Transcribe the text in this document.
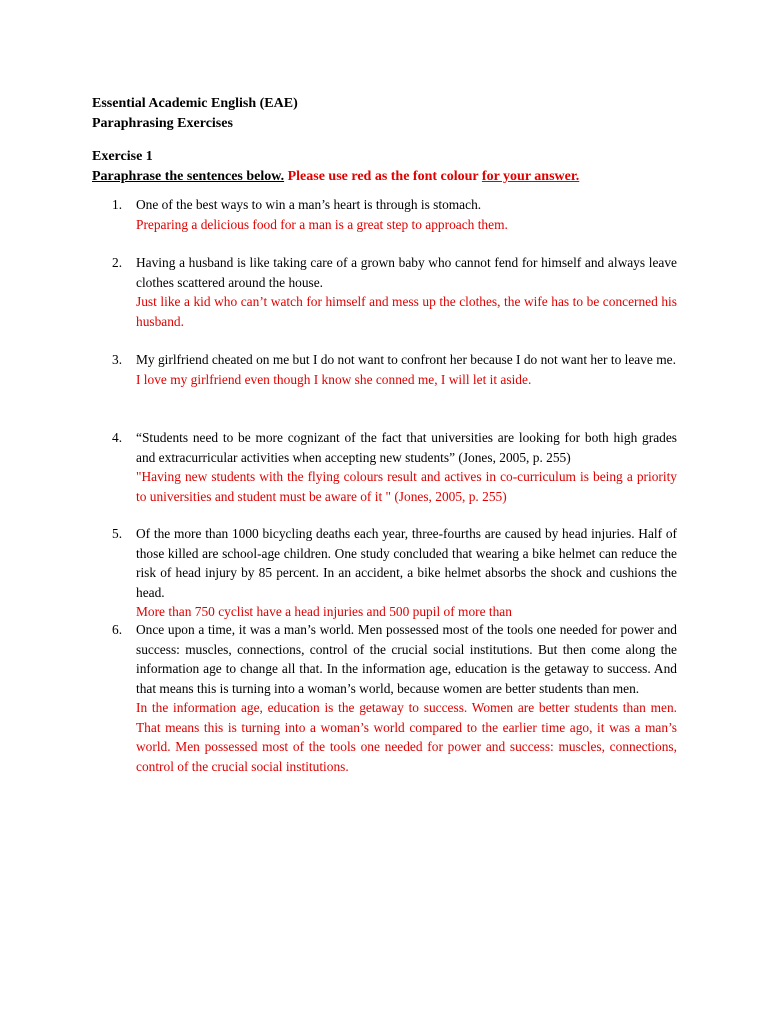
Essential Academic English (EAE)
Paraphrasing Exercises
Exercise 1
Paraphrase the sentences below. Please use red as the font colour for your answer.
1.	One of the best ways to win a man’s heart is through is stomach.

Preparing a delicious food for a man is a great step to approach them.

2.	Having a husband is like taking care of a grown baby who cannot fend for himself and always leave clothes scattered around the house.

Just like a kid who can’t watch for himself and mess up the clothes, the wife has to be concerned his husband.

3.	My girlfriend cheated on me but I do not want to confront her because I do not want her to leave me.

I love my girlfriend even though I know she conned me, I will let it aside.

4.	“Students need to be more cognizant of the fact that universities are looking for both high grades and extracurricular activities when accepting new students” (Jones, 2005, p. 255)

"Having new students with the flying colours result and actives in co-curriculum is being a priority to universities and student must be aware of it " (Jones, 2005, p. 255)

5.	Of the more than 1000 bicycling deaths each year, three-fourths are caused by head injuries. Half of those killed are school-age children. One study concluded that wearing a bike helmet can reduce the risk of head injury by 85 percent. In an accident, a bike helmet absorbs the shock and cushions the head.

More than 750 cyclist have a head injuries and 500 pupil of more than

6.	Once upon a time, it was a man’s world. Men possessed most of the tools one needed for power and success: muscles, connections, control of the crucial social institutions. But then come along the information age to change all that. In the information age, education is the getaway to success. And that means this is turning into a woman’s world, because women are better students than men.

In the information age, education is the getaway to success. Women are better students than men. That means this is turning into a woman’s world compared to the earlier time ago, it was a man’s world. Men possessed most of the tools one needed for power and success: muscles, connections, control of the crucial social institutions.
